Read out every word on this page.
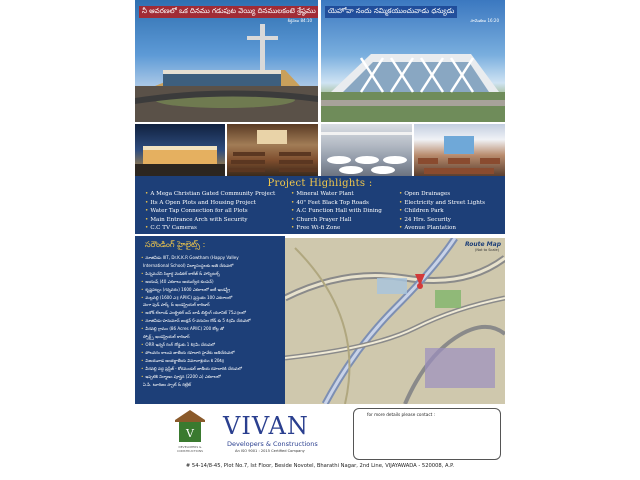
నీ ఆవరణలో ఒక దినము గడుపుట వెయ్యి దినములకంటె శ్రేష్ఠము
కీర్తనలు 84:10
యెహోవా నందు నమ్మికయుంచువాడు ధన్యుడు
సామెతలు 16:20
Project Highlights :
• A Mega Christian Gated Community Project
• Its A Open Plots and Housing Project
• Water Tap Connection for all Plots
• Main Entrance Arch with Security
• C.C TV Cameras
• Mineral Water Plant
• 40" Feet Black Top Roads
• A.C Function Hall with Dining
• Church Prayer Hall
• Free Wi-fi Zone
• Open Drainages
• Electricity and Street Lights
• Children Park
• 24 Hrs. Security
• Avenue Plantation
సరౌండింగ్ హైలైట్స్ :
• నూజివీడు IIIT, Dr.K.K.R Gowtham (Happy Valley
International School) విద్యాసంస్థలకు అతి చేరువలో
• పిన్నమనేని సిద్ధార్ధ మెడికల్ కాలేజ్ & హాస్పిటల్స్
• ఆయుష్ (40 ఎకరాలు ఆయుర్వేద కుంపెన్)
• కృష్ణపట్నం (గన్నవరం) 1600 ఎకరాలలో ఐటీ ఇండస్ట్రీ
• మల్లవల్లి (1600 ఎ॥ APIIC) ప్రస్తుతం 100 ఎకరాలలో
మెగా ఫుడ్ పార్క్ & ఇండస్ట్రియల్ కారిడార్
• అశోక్ లేలాండ్ ఎలక్ట్రికల్ బస్ బాడీ బిల్డింగ్ యూనిట్ 75ఎ॥లలో
• నూజివీడు-హనుమాన్ జంక్షన్ 6-వరుసల రోడ్ కు 5 కి॥మీ చేరువలో
• వీరవల్లి గ్రామం (86 Acres APIIC) 200 కోట్ల తో
స్పోర్ట్స్ ఇండస్ట్రియల్ కారిడార్
• ORR ఇన్నర్ రింగ్ రోడ్డుకు 1 కి॥మీ చేరువలో
• పోలవరం కాలువ జాతీయ రహదారి హైవేకు అతిచేరువలో
• విజయవాడ అంతర్జాతీయ విమానాశ్రయం కి 20కి॥
• వీరవల్లి వద్ద ప్రెస్టీజ్ - కోరమండల్ జాతీయ రహదారికి చేరువలో
• ఇప్పటికి నిర్మాణం పూర్తైన (2200 ఎ) ఎకరాలలో
ఏ.పీ. టూరిజం స్పాట్ & రిట్రీట్
Route Map
(Not to Scale)
V
DEVELOPERS & CONSTRUCTIONS
VIVAN
Developers & Constructions
An ISO 9001 : 2015 Certified Company
for more details please contact :
# 54-14/8-45, Plot No.7, Ist Floor, Beside Novotel, Bharathi Nagar, 2nd Line, VIJAYAWADA - 520008, A.P.
